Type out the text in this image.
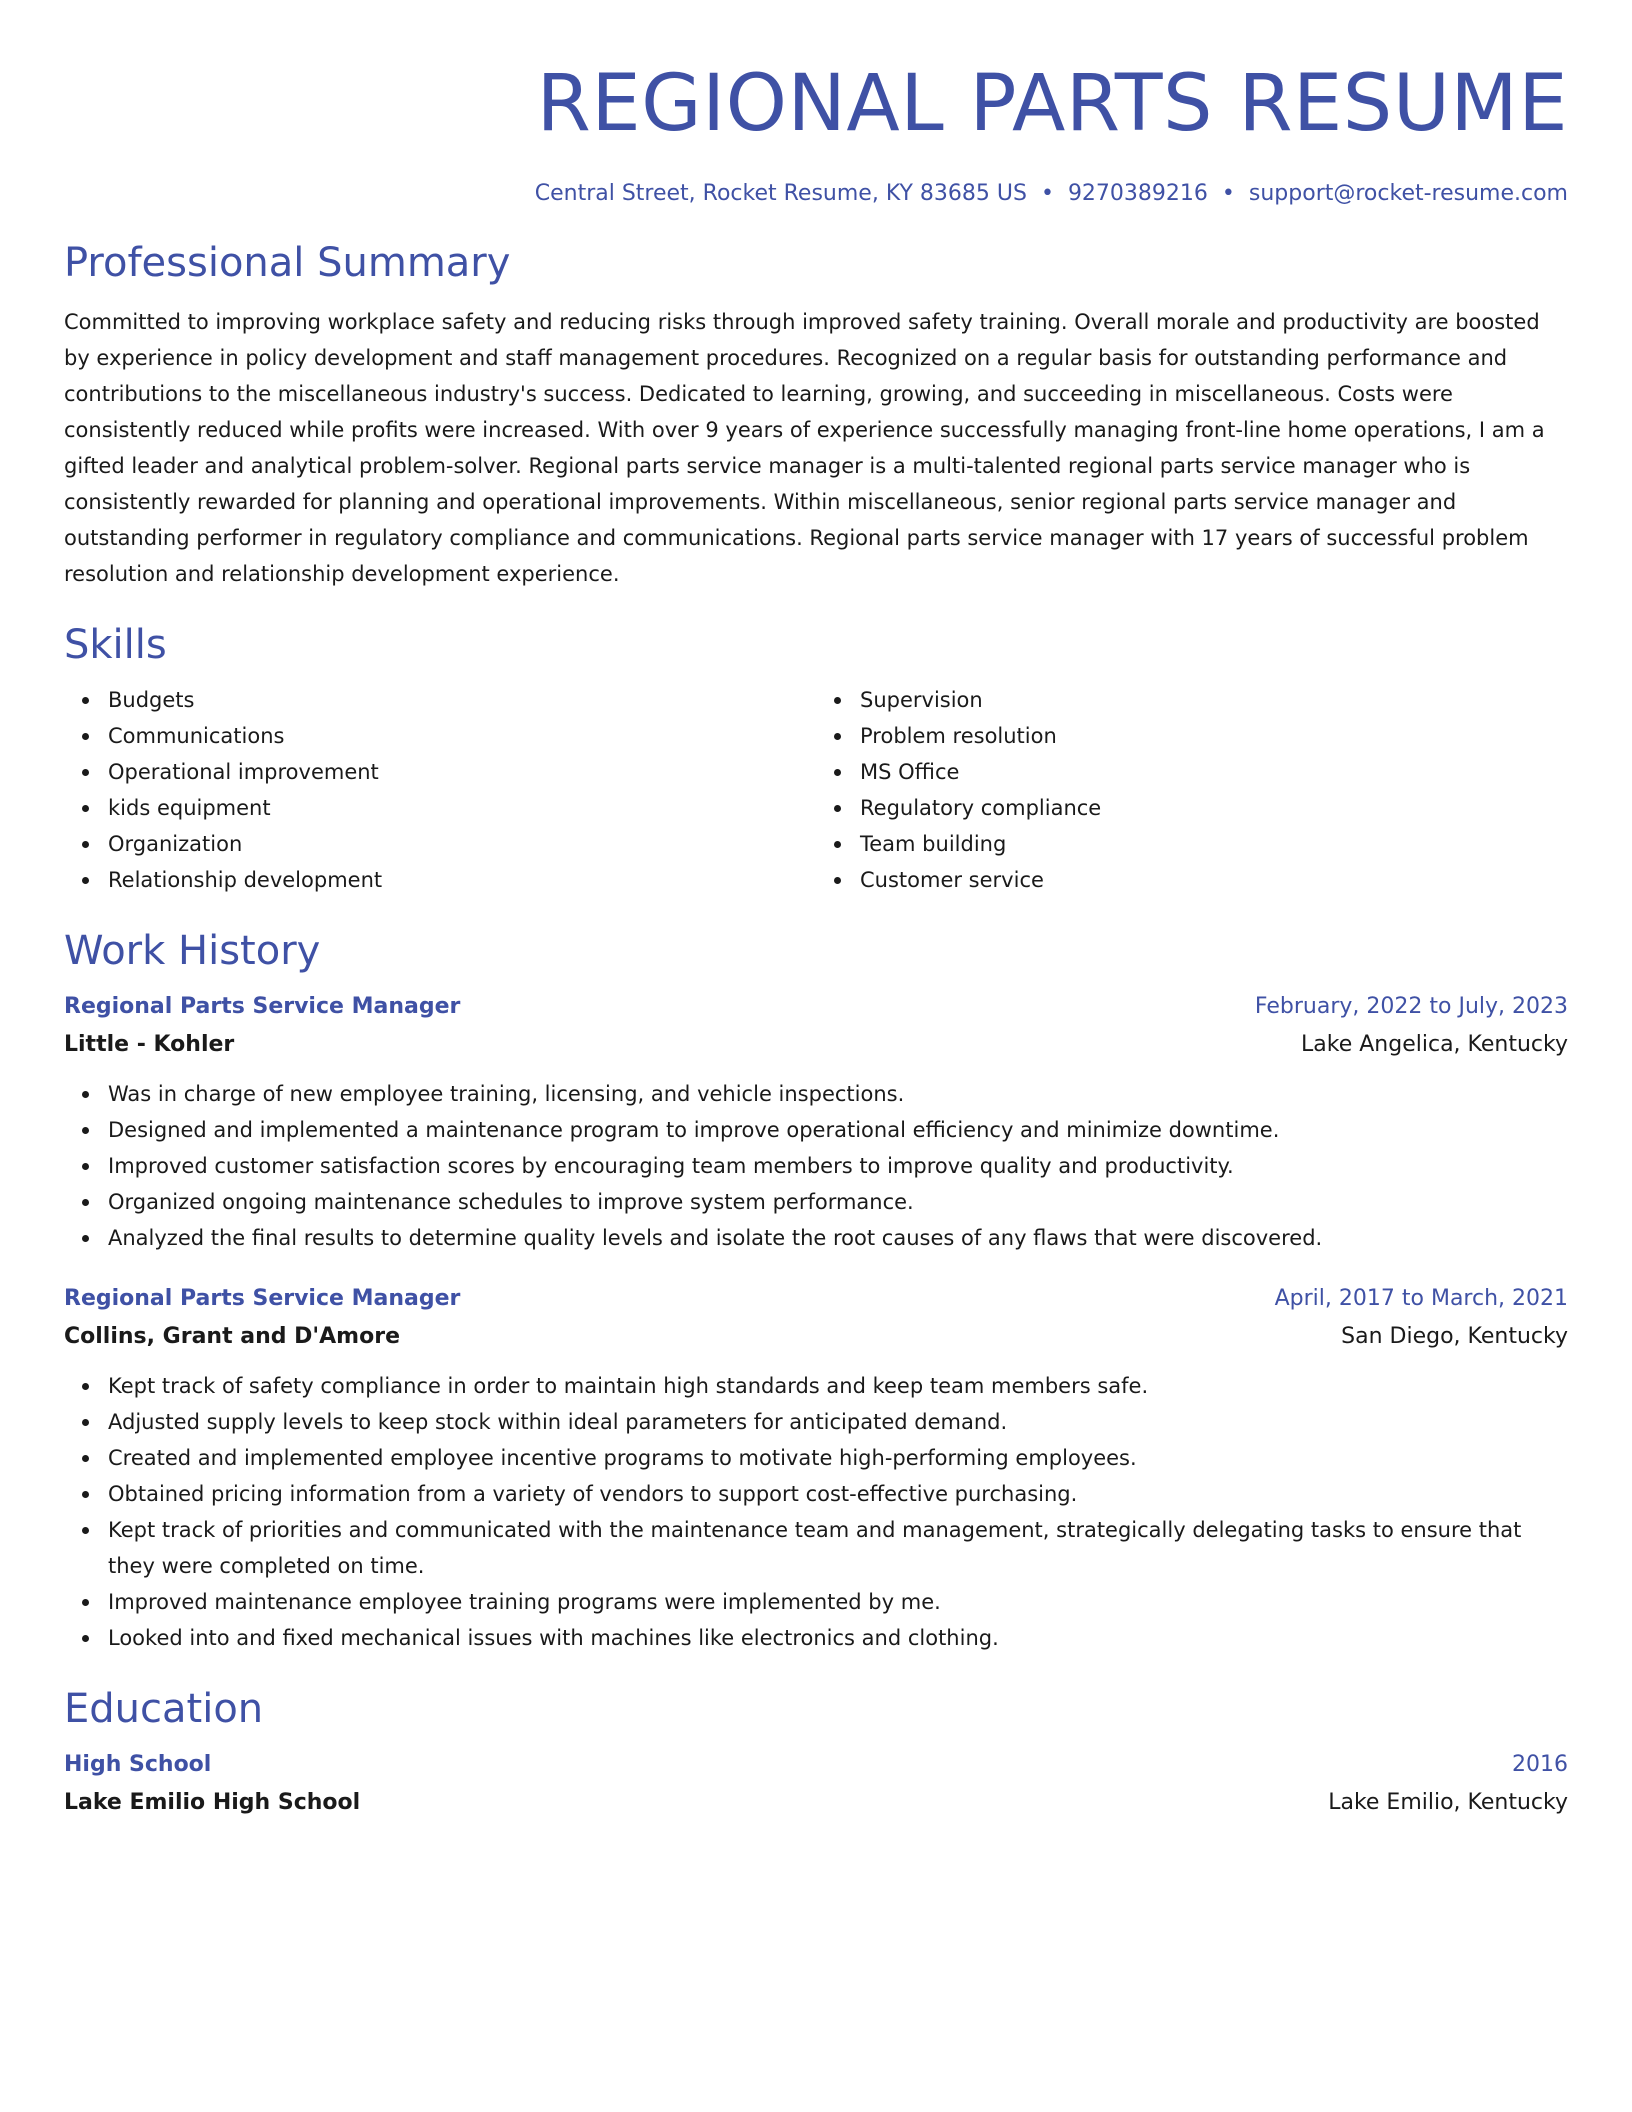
REGIONAL PARTS RESUME
Central Street, Rocket Resume, KY 83685 US • 9270389216 • support@rocket-resume.com
Professional Summary
Committed to improving workplace safety and reducing risks through improved safety training. Overall morale and productivity are boosted by experience in policy development and staff management procedures. Recognized on a regular basis for outstanding performance and contributions to the miscellaneous industry's success. Dedicated to learning, growing, and succeeding in miscellaneous. Costs were consistently reduced while profits were increased. With over 9 years of experience successfully managing front-line home operations, I am a gifted leader and analytical problem-solver. Regional parts service manager is a multi-talented regional parts service manager who is consistently rewarded for planning and operational improvements. Within miscellaneous, senior regional parts service manager and outstanding performer in regulatory compliance and communications. Regional parts service manager with 17 years of successful problem resolution and relationship development experience.
Skills
Budgets
Communications
Operational improvement
kids equipment
Organization
Relationship development
Supervision
Problem resolution
MS Office
Regulatory compliance
Team building
Customer service
Work History
Regional Parts Service Manager	February, 2022 to July, 2023
Little - Kohler	Lake Angelica, Kentucky
Was in charge of new employee training, licensing, and vehicle inspections.
Designed and implemented a maintenance program to improve operational efficiency and minimize downtime.
Improved customer satisfaction scores by encouraging team members to improve quality and productivity.
Organized ongoing maintenance schedules to improve system performance.
Analyzed the final results to determine quality levels and isolate the root causes of any flaws that were discovered.
Regional Parts Service Manager	April, 2017 to March, 2021
Collins, Grant and D'Amore	San Diego, Kentucky
Kept track of safety compliance in order to maintain high standards and keep team members safe.
Adjusted supply levels to keep stock within ideal parameters for anticipated demand.
Created and implemented employee incentive programs to motivate high-performing employees.
Obtained pricing information from a variety of vendors to support cost-effective purchasing.
Kept track of priorities and communicated with the maintenance team and management, strategically delegating tasks to ensure that they were completed on time.
Improved maintenance employee training programs were implemented by me.
Looked into and fixed mechanical issues with machines like electronics and clothing.
Education
High School	2016
Lake Emilio High School	Lake Emilio, Kentucky
